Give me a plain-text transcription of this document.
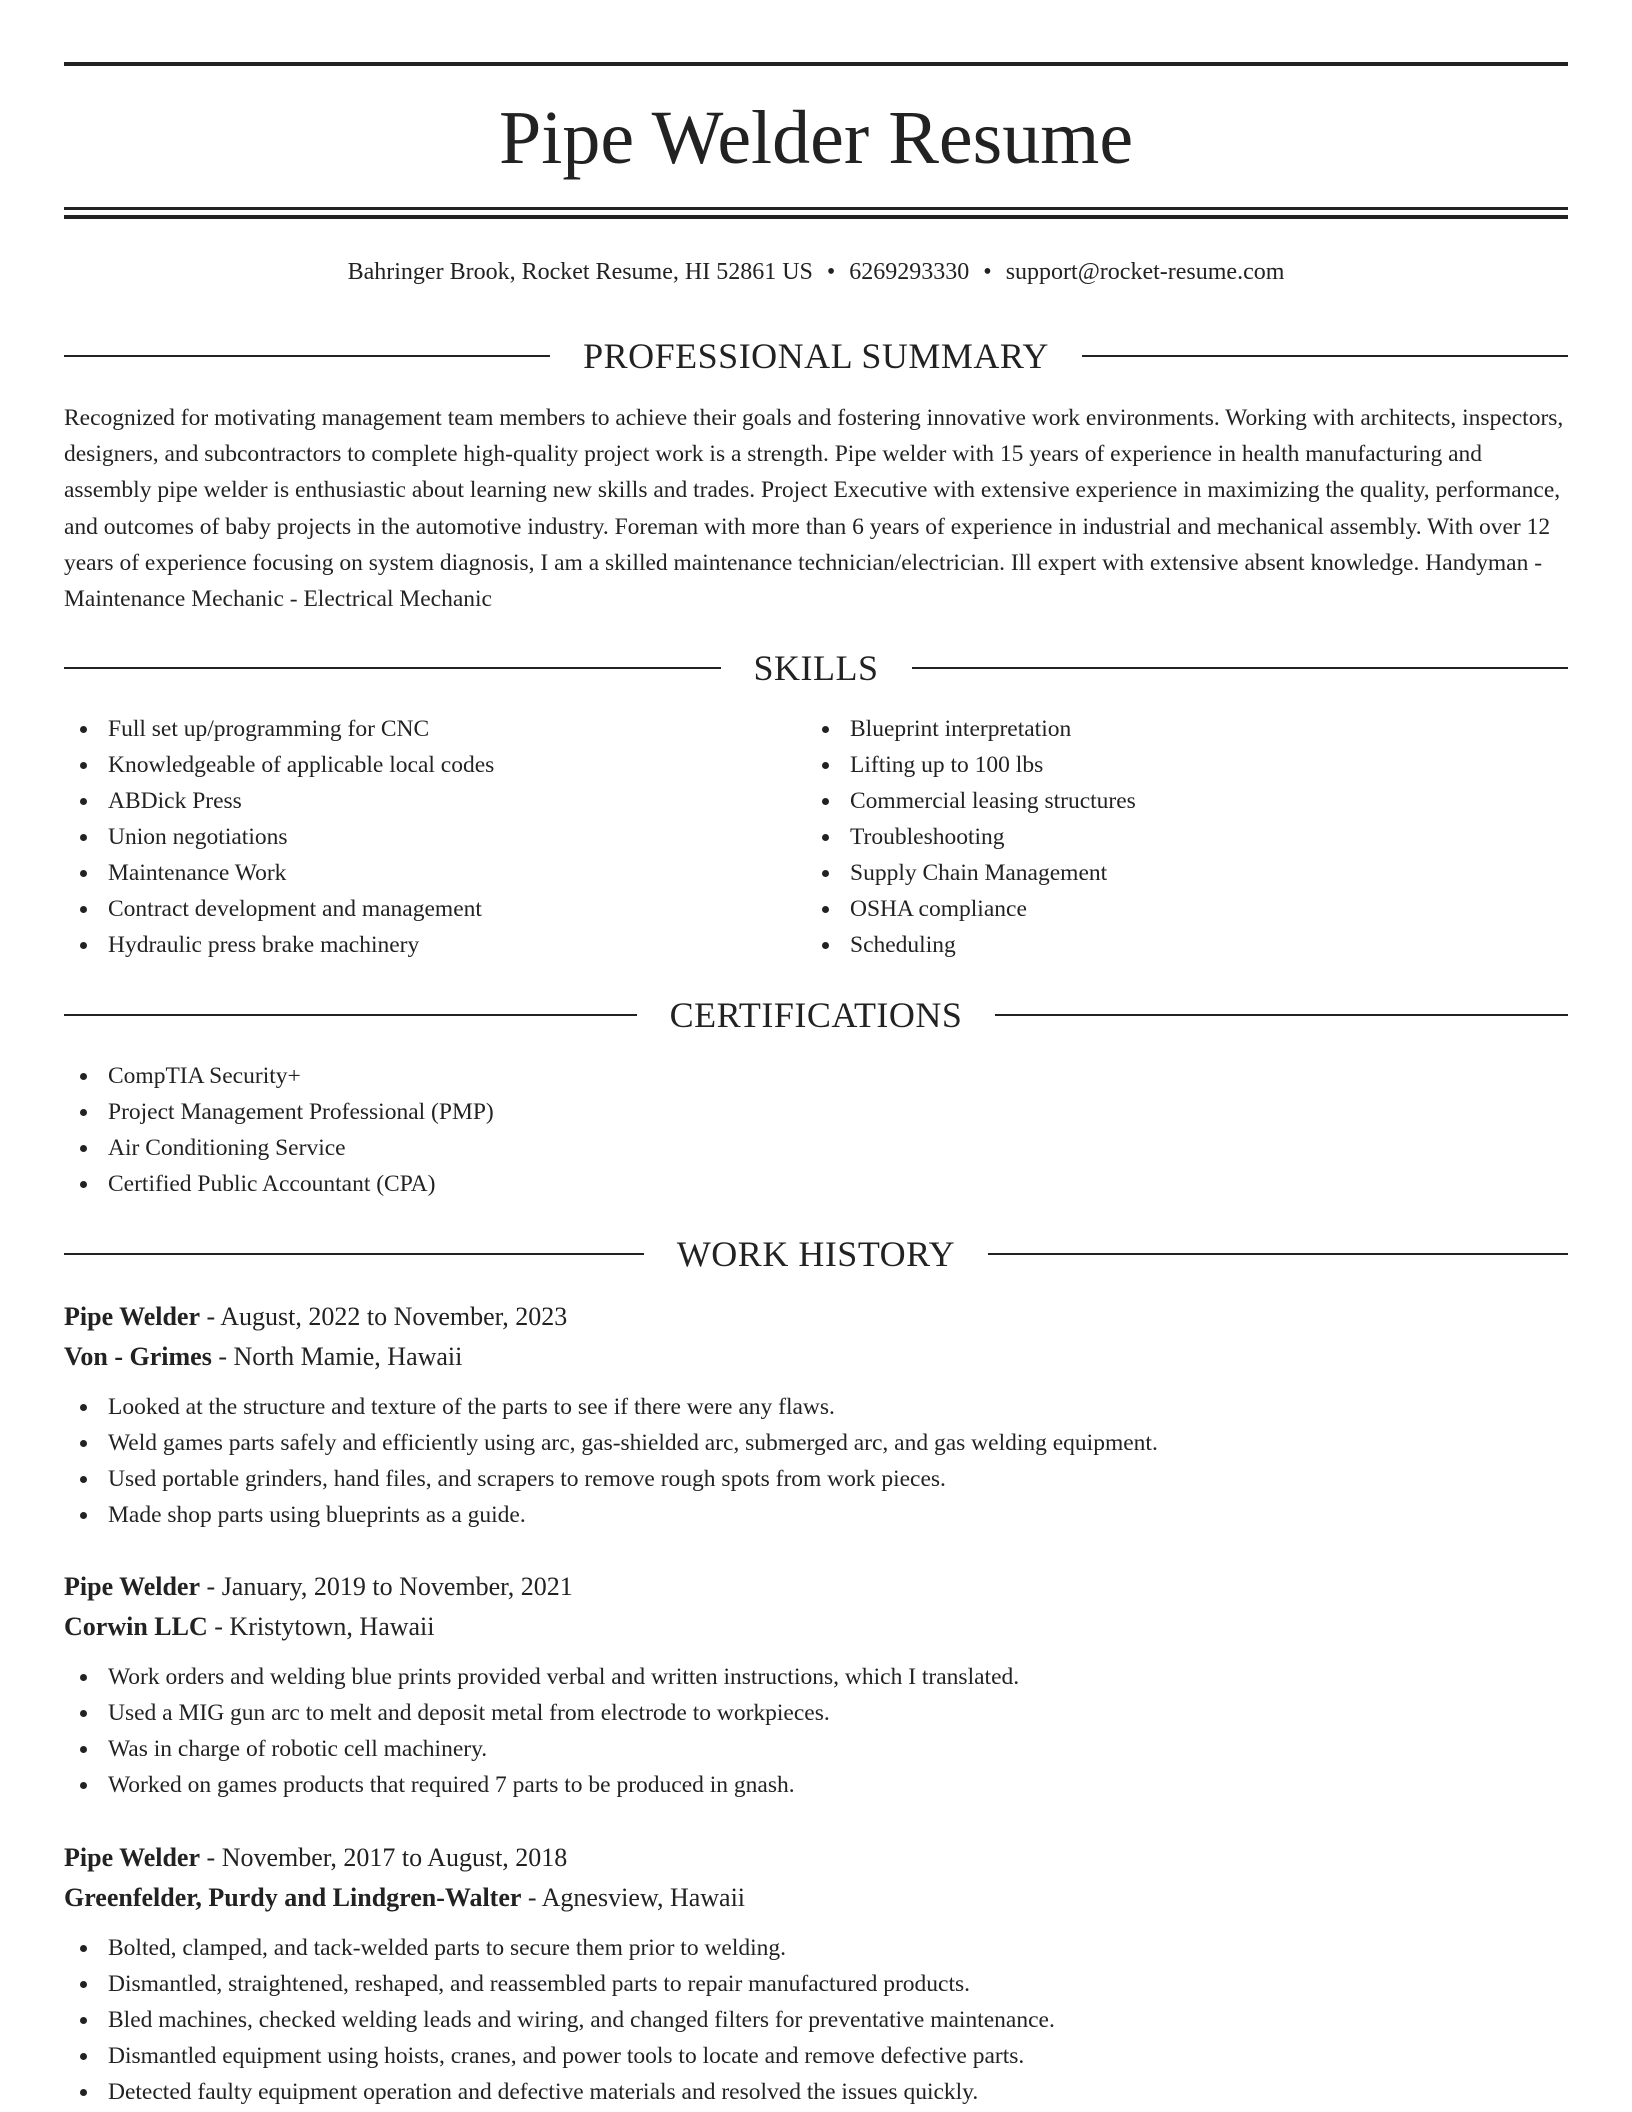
Pipe Welder Resume
Bahringer Brook, Rocket Resume, HI 52861 US • 6269293330 • support@rocket-resume.com
PROFESSIONAL SUMMARY

Recognized for motivating management team members to achieve their goals and fostering innovative work environments. Working with architects, inspectors, designers, and subcontractors to complete high-quality project work is a strength. Pipe welder with 15 years of experience in health manufacturing and assembly pipe welder is enthusiastic about learning new skills and trades. Project Executive with extensive experience in maximizing the quality, performance, and outcomes of baby projects in the automotive industry. Foreman with more than 6 years of experience in industrial and mechanical assembly. With over 12 years of experience focusing on system diagnosis, I am a skilled maintenance technician/electrician. Ill expert with extensive absent knowledge. Handyman - Maintenance Mechanic - Electrical Mechanic

SKILLS
Full set up/programming for CNC
Knowledgeable of applicable local codes
ABDick Press
Union negotiations
Maintenance Work
Contract development and management
Hydraulic press brake machinery
Blueprint interpretation
Lifting up to 100 lbs
Commercial leasing structures
Troubleshooting
Supply Chain Management
OSHA compliance
Scheduling
CERTIFICATIONS
CompTIA Security+
Project Management Professional (PMP)
Air Conditioning Service
Certified Public Accountant (CPA)
WORK HISTORY
Pipe Welder - August, 2022 to November, 2023
Von - Grimes - North Mamie, Hawaii
Looked at the structure and texture of the parts to see if there were any flaws.
Weld games parts safely and efficiently using arc, gas-shielded arc, submerged arc, and gas welding equipment.
Used portable grinders, hand files, and scrapers to remove rough spots from work pieces.
Made shop parts using blueprints as a guide.
Pipe Welder - January, 2019 to November, 2021
Corwin LLC - Kristytown, Hawaii
Work orders and welding blue prints provided verbal and written instructions, which I translated.
Used a MIG gun arc to melt and deposit metal from electrode to workpieces.
Was in charge of robotic cell machinery.
Worked on games products that required 7 parts to be produced in gnash.
Pipe Welder - November, 2017 to August, 2018
Greenfelder, Purdy and Lindgren-Walter - Agnesview, Hawaii
Bolted, clamped, and tack-welded parts to secure them prior to welding.
Dismantled, straightened, reshaped, and reassembled parts to repair manufactured products.
Bled machines, checked welding leads and wiring, and changed filters for preventative maintenance.
Dismantled equipment using hoists, cranes, and power tools to locate and remove defective parts.
Detected faulty equipment operation and defective materials and resolved the issues quickly.
